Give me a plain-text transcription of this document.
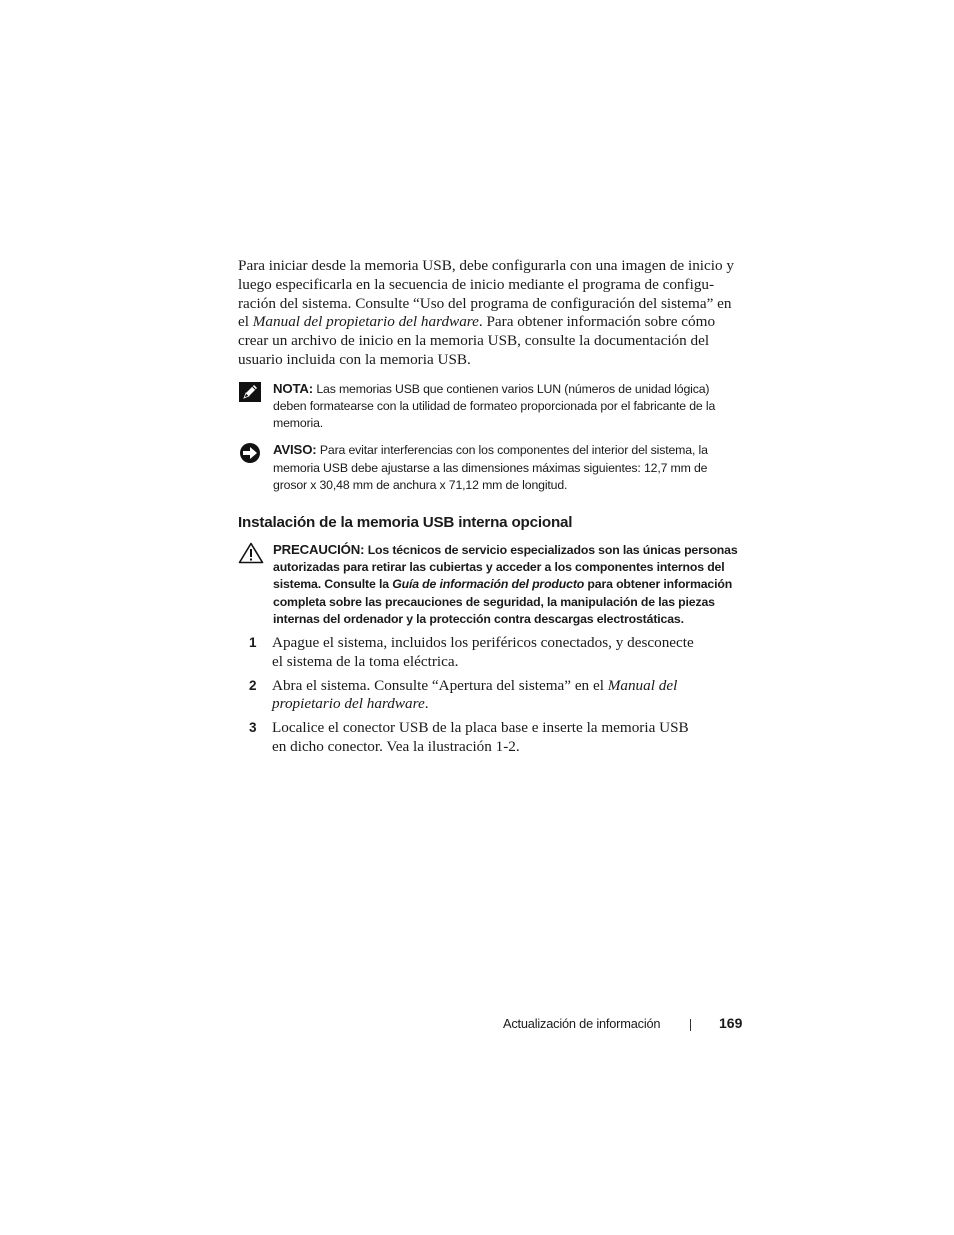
Para iniciar desde la memoria USB, debe configurarla con una imagen de inicio y luego especificarla en la secuencia de inicio mediante el programa de configuración del sistema. Consulte “Uso del programa de configuración del sistema” en el Manual del propietario del hardware. Para obtener información sobre cómo crear un archivo de inicio en la memoria USB, consulte la documentación del usuario incluida con la memoria USB.

NOTA: Las memorias USB que contienen varios LUN (números de unidad lógica) deben formatearse con la utilidad de formateo proporcionada por el fabricante de la memoria.

AVISO: Para evitar interferencias con los componentes del interior del sistema, la memoria USB debe ajustarse a las dimensiones máximas siguientes: 12,7 mm de grosor x 30,48 mm de anchura x 71,12 mm de longitud.

Instalación de la memoria USB interna opcional

PRECAUCIÓN: Los técnicos de servicio especializados son las únicas personas autorizadas para retirar las cubiertas y acceder a los componentes internos del sistema. Consulte la Guía de información del producto para obtener información completa sobre las precauciones de seguridad, la manipulación de las piezas internas del ordenador y la protección contra descargas electrostáticas.

1 Apague el sistema, incluidos los periféricos conectados, y desconecte el sistema de la toma eléctrica.

2 Abra el sistema. Consulte “Apertura del sistema” en el Manual del propietario del hardware.

3 Localice el conector USB de la placa base e inserte la memoria USB en dicho conector. Vea la ilustración 1-2.

Actualización de información	169
